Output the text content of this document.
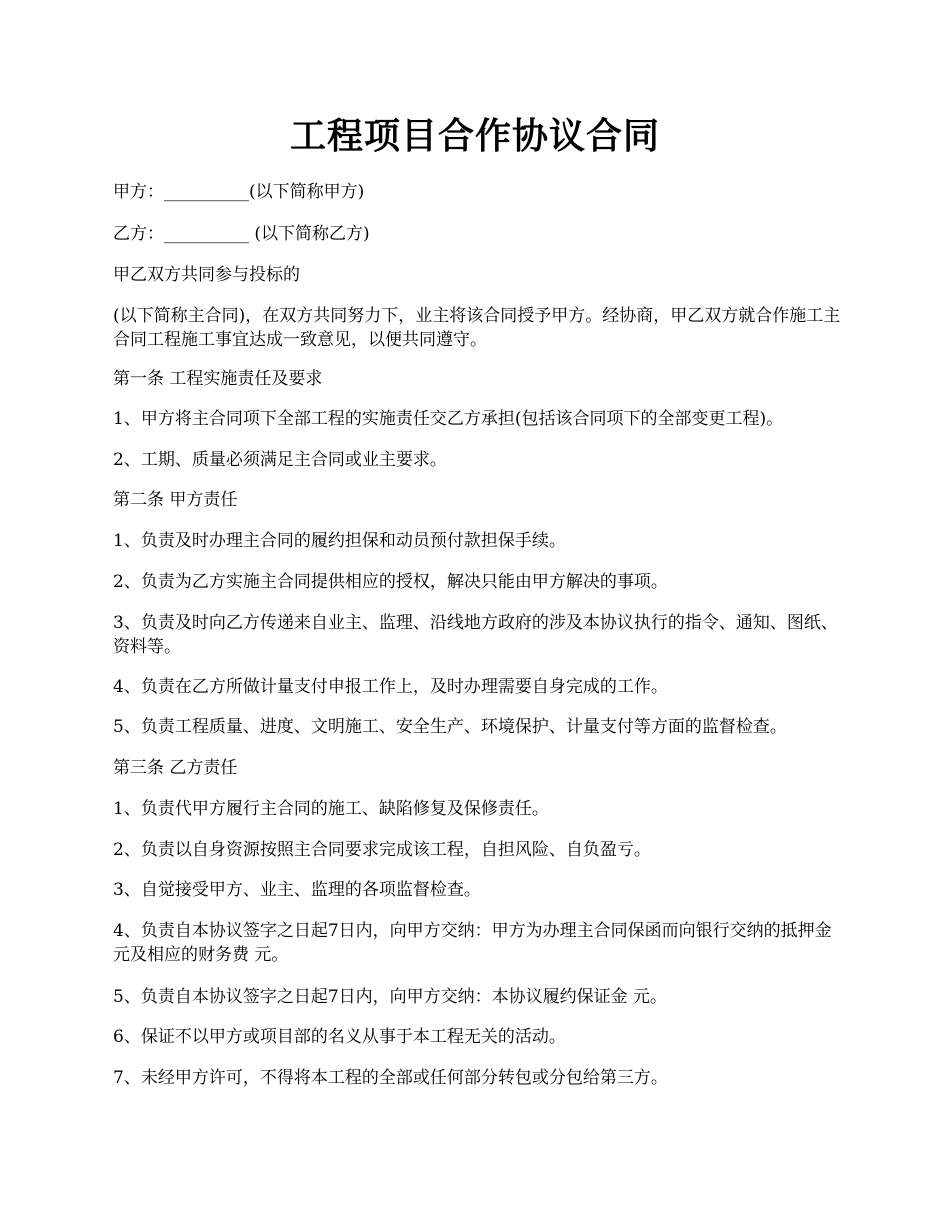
工程项目合作协议合同

甲方：__________(以下简称甲方)

乙方：__________ (以下简称乙方)

甲乙双方共同参与投标的

(以下简称主合同)，在双方共同努力下，业主将该合同授予甲方。经协商，甲乙双方就合作施工主合同工程施工事宜达成一致意见，以便共同遵守。

第一条 工程实施责任及要求

1、甲方将主合同项下全部工程的实施责任交乙方承担(包括该合同项下的全部变更工程)。

2、工期、质量必须满足主合同或业主要求。

第二条 甲方责任

1、负责及时办理主合同的履约担保和动员预付款担保手续。

2、负责为乙方实施主合同提供相应的授权，解决只能由甲方解决的事项。

3、负责及时向乙方传递来自业主、监理、沿线地方政府的涉及本协议执行的指令、通知、图纸、资料等。

4、负责在乙方所做计量支付申报工作上，及时办理需要自身完成的工作。

5、负责工程质量、进度、文明施工、安全生产、环境保护、计量支付等方面的监督检查。

第三条 乙方责任

1、负责代甲方履行主合同的施工、缺陷修复及保修责任。

2、负责以自身资源按照主合同要求完成该工程，自担风险、自负盈亏。

3、自觉接受甲方、业主、监理的各项监督检查。

4、负责自本协议签字之日起7日内，向甲方交纳：甲方为办理主合同保函而向银行交纳的抵押金 元及相应的财务费 元。

5、负责自本协议签字之日起7日内，向甲方交纳：本协议履约保证金 元。

6、保证不以甲方或项目部的名义从事于本工程无关的活动。

7、未经甲方许可，不得将本工程的全部或任何部分转包或分包给第三方。
